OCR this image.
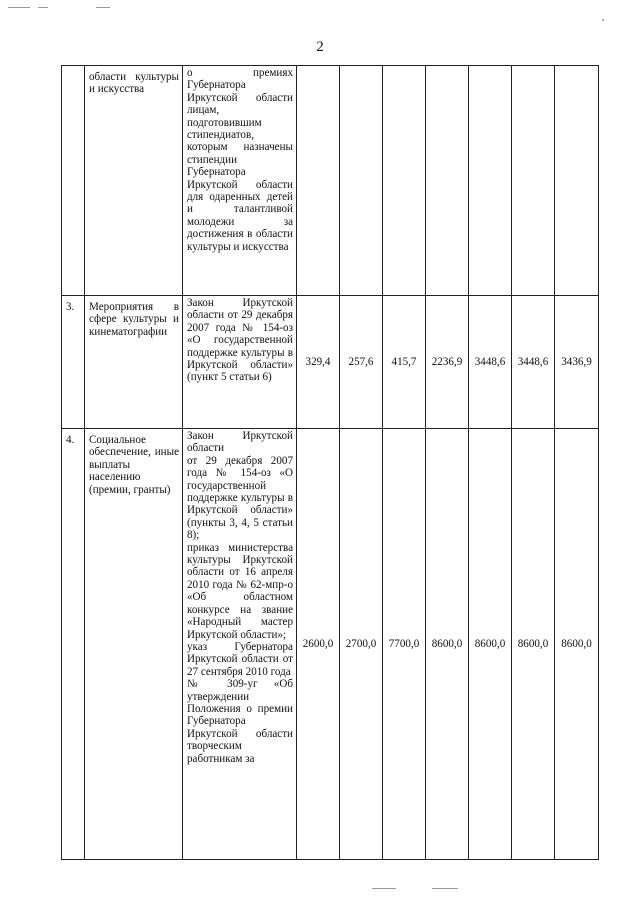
2

	области культуры и искусства	о премиях Губернатора Иркутской области лицам, подготовившим стипендиатов, которым назначены стипендии Губернатора Иркутской области для одаренных детей и талантливой молодежи за достижения в области культуры и искусства							

3.	Мероприятия в сфере культуры и кинематографии	Закон Иркутской области от 29 декабря 2007 года № 154-оз «О государственной поддержке культуры в Иркутской области» (пункт 5 статьи 6)	329,4	257,6	415,7	2236,9	3448,6	3448,6	3436,9
4.	Социальное обеспечение, иные выплаты населению (премии, гранты)	Закон Иркутской области
от 29 декабря 2007 года № 154-оз «О государственной поддержке культуры в Иркутской области» (пункты 3, 4, 5 статьи 8);
приказ министерства культуры Иркутской области от 16 апреля 2010 года № 62-мпр-о «Об областном конкурсе на звание «Народный мастер Иркутской области»;
указ Губернатора Иркутской области от 27 сентября 2010 года
№ 309-уг «Об утверждении Положения о премии Губернатора Иркутской области творческим работникам за	2600,0	2700,0	7700,0	8600,0	8600,0	8600,0	8600,0
